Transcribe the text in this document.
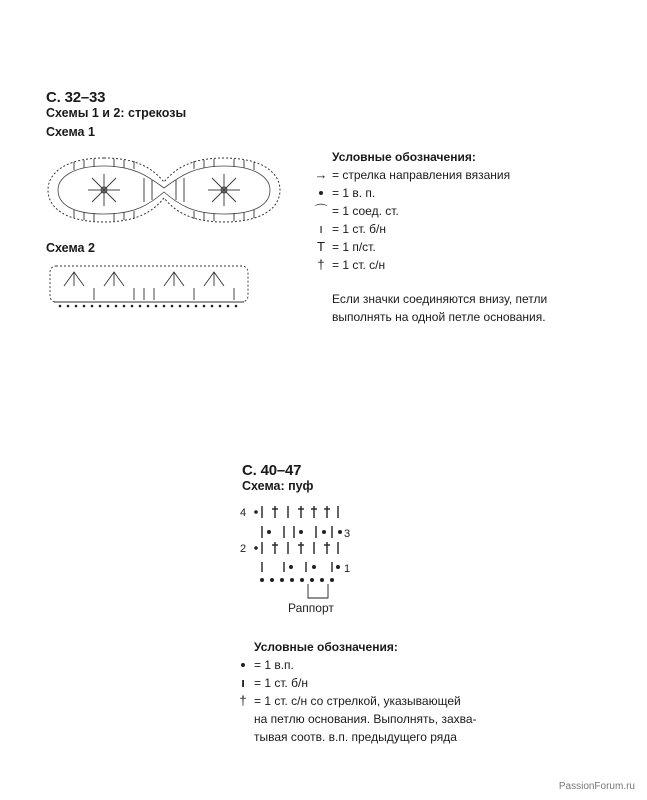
С. 32–33
Схемы 1 и 2: стрекозы
Схема 1
Схема 2
Условные обозначения:
→ = стрелка направления вязания
= 1 в. п.
⌒ = 1 соед. ст.
ı = 1 ст. б/н
T = 1 п/ст.
† = 1 ст. с/н
Если значки соединяются внизу, петли
выполнять на одной петле основания.
С. 40–47
Схема: пуф
4
3
2
1
Раппорт
Условные обозначения:
= 1 в.п.
ı = 1 ст. б/н
† = 1 ст. с/н со стрелкой, указывающей
на петлю основания. Выполнять, захва-
тывая соотв. в.п. предыдущего ряда
PassionForum.ru
